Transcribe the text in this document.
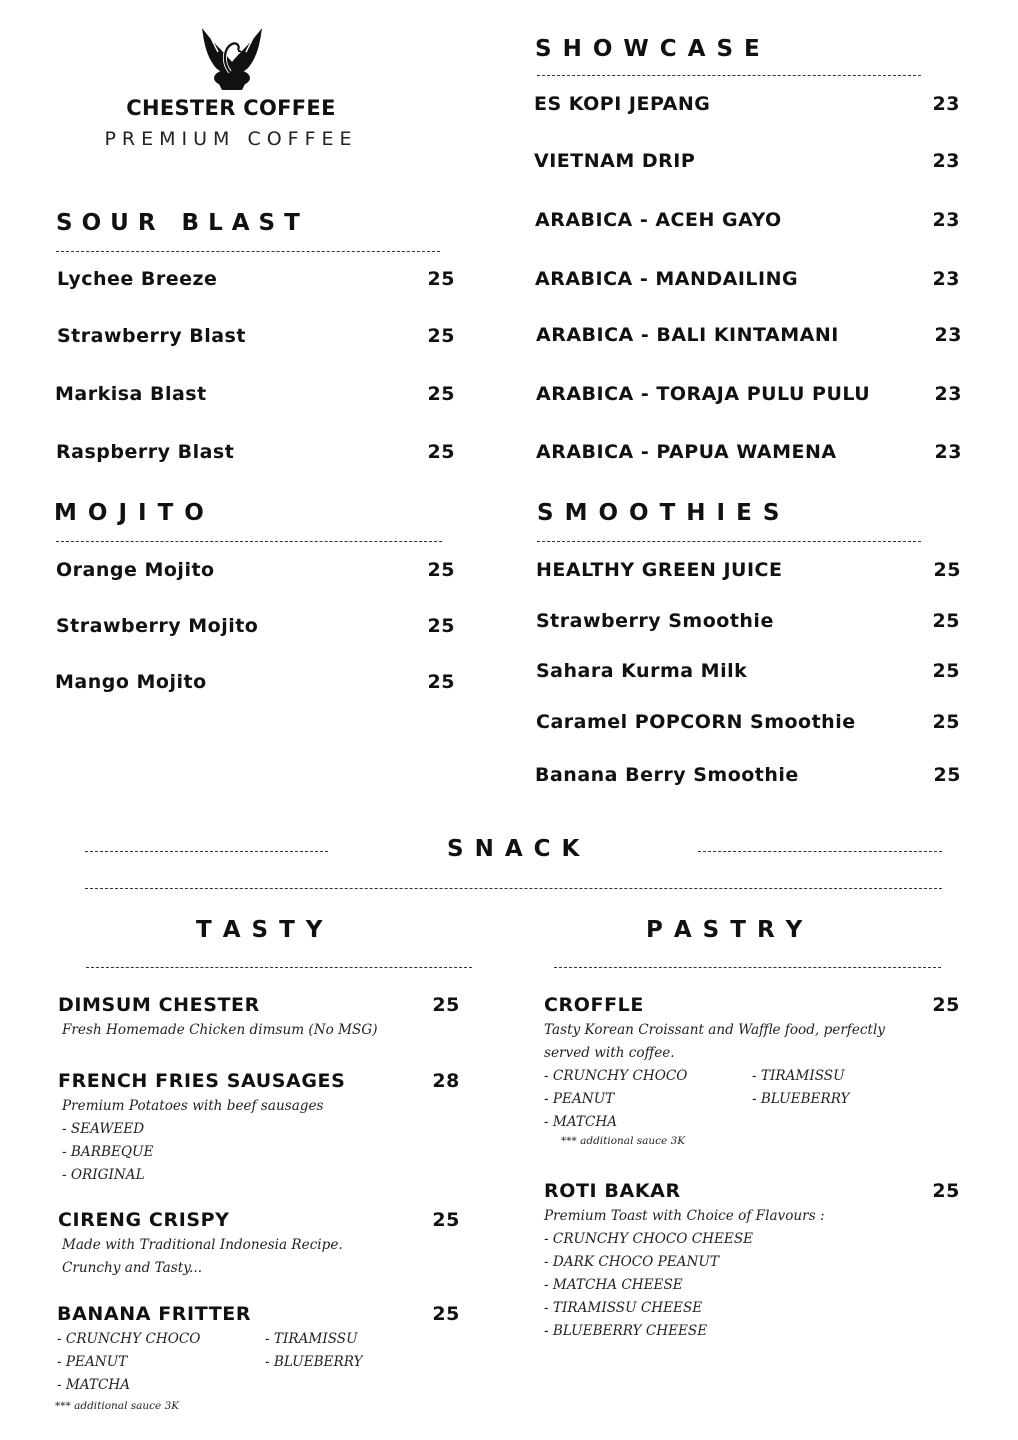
CHESTER COFFEE
PREMIUM COFFEE
S O U R   B L A S T
Lychee Breeze	25
Strawberry Blast	25
Markisa Blast	25
Raspberry Blast	25
M O J I T O
Orange Mojito	25
Strawberry Mojito	25
Mango Mojito	25
S H O W C A S E
ES KOPI JEPANG	23
VIETNAM DRIP	23
ARABICA - ACEH GAYO	23
ARABICA - MANDAILING	23
ARABICA - BALI KINTAMANI	23
ARABICA - TORAJA PULU PULU	23
ARABICA - PAPUA WAMENA	23
S M O O T H I E S
HEALTHY GREEN JUICE	25
Strawberry Smoothie	25
Sahara Kurma Milk	25
Caramel POPCORN Smoothie	25
Banana Berry Smoothie	25
S N A C K
T A S T Y	P A S T R Y
DIMSUM CHESTER	25
Fresh Homemade Chicken dimsum (No MSG)
FRENCH FRIES SAUSAGES	28
Premium Potatoes with beef sausages
- SEAWEED
- BARBEQUE
- ORIGINAL
CIRENG CRISPY	25
Made with Traditional Indonesia Recipe.
Crunchy and Tasty...
BANANA FRITTER	25
- CRUNCHY CHOCO	- TIRAMISSU
- PEANUT	- BLUEBERRY
- MATCHA
*** additional sauce 3K
CROFFLE	25
Tasty Korean Croissant and Waffle food, perfectly
served with coffee.
- CRUNCHY CHOCO	- TIRAMISSU
- PEANUT	- BLUEBERRY
- MATCHA
*** additional sauce 3K
ROTI BAKAR	25
Premium Toast with Choice of Flavours :
- CRUNCHY CHOCO CHEESE
- DARK CHOCO PEANUT
- MATCHA CHEESE
- TIRAMISSU CHEESE
- BLUEBERRY CHEESE
